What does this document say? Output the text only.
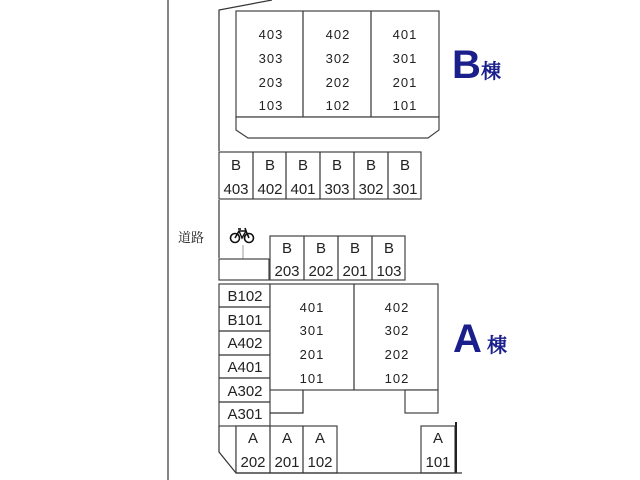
道路
403
303
203
103
402
302
202
102
401
301
201
101
B 棟
B
403
B
402
B
401
B
303
B
302
B
301
B
203
B
202
B
201
B
103
B102
B101
A402
A401
A302
A301
401
301
201
101
402
302
202
102
A 棟
A
202
A
201
A
102
A
101
